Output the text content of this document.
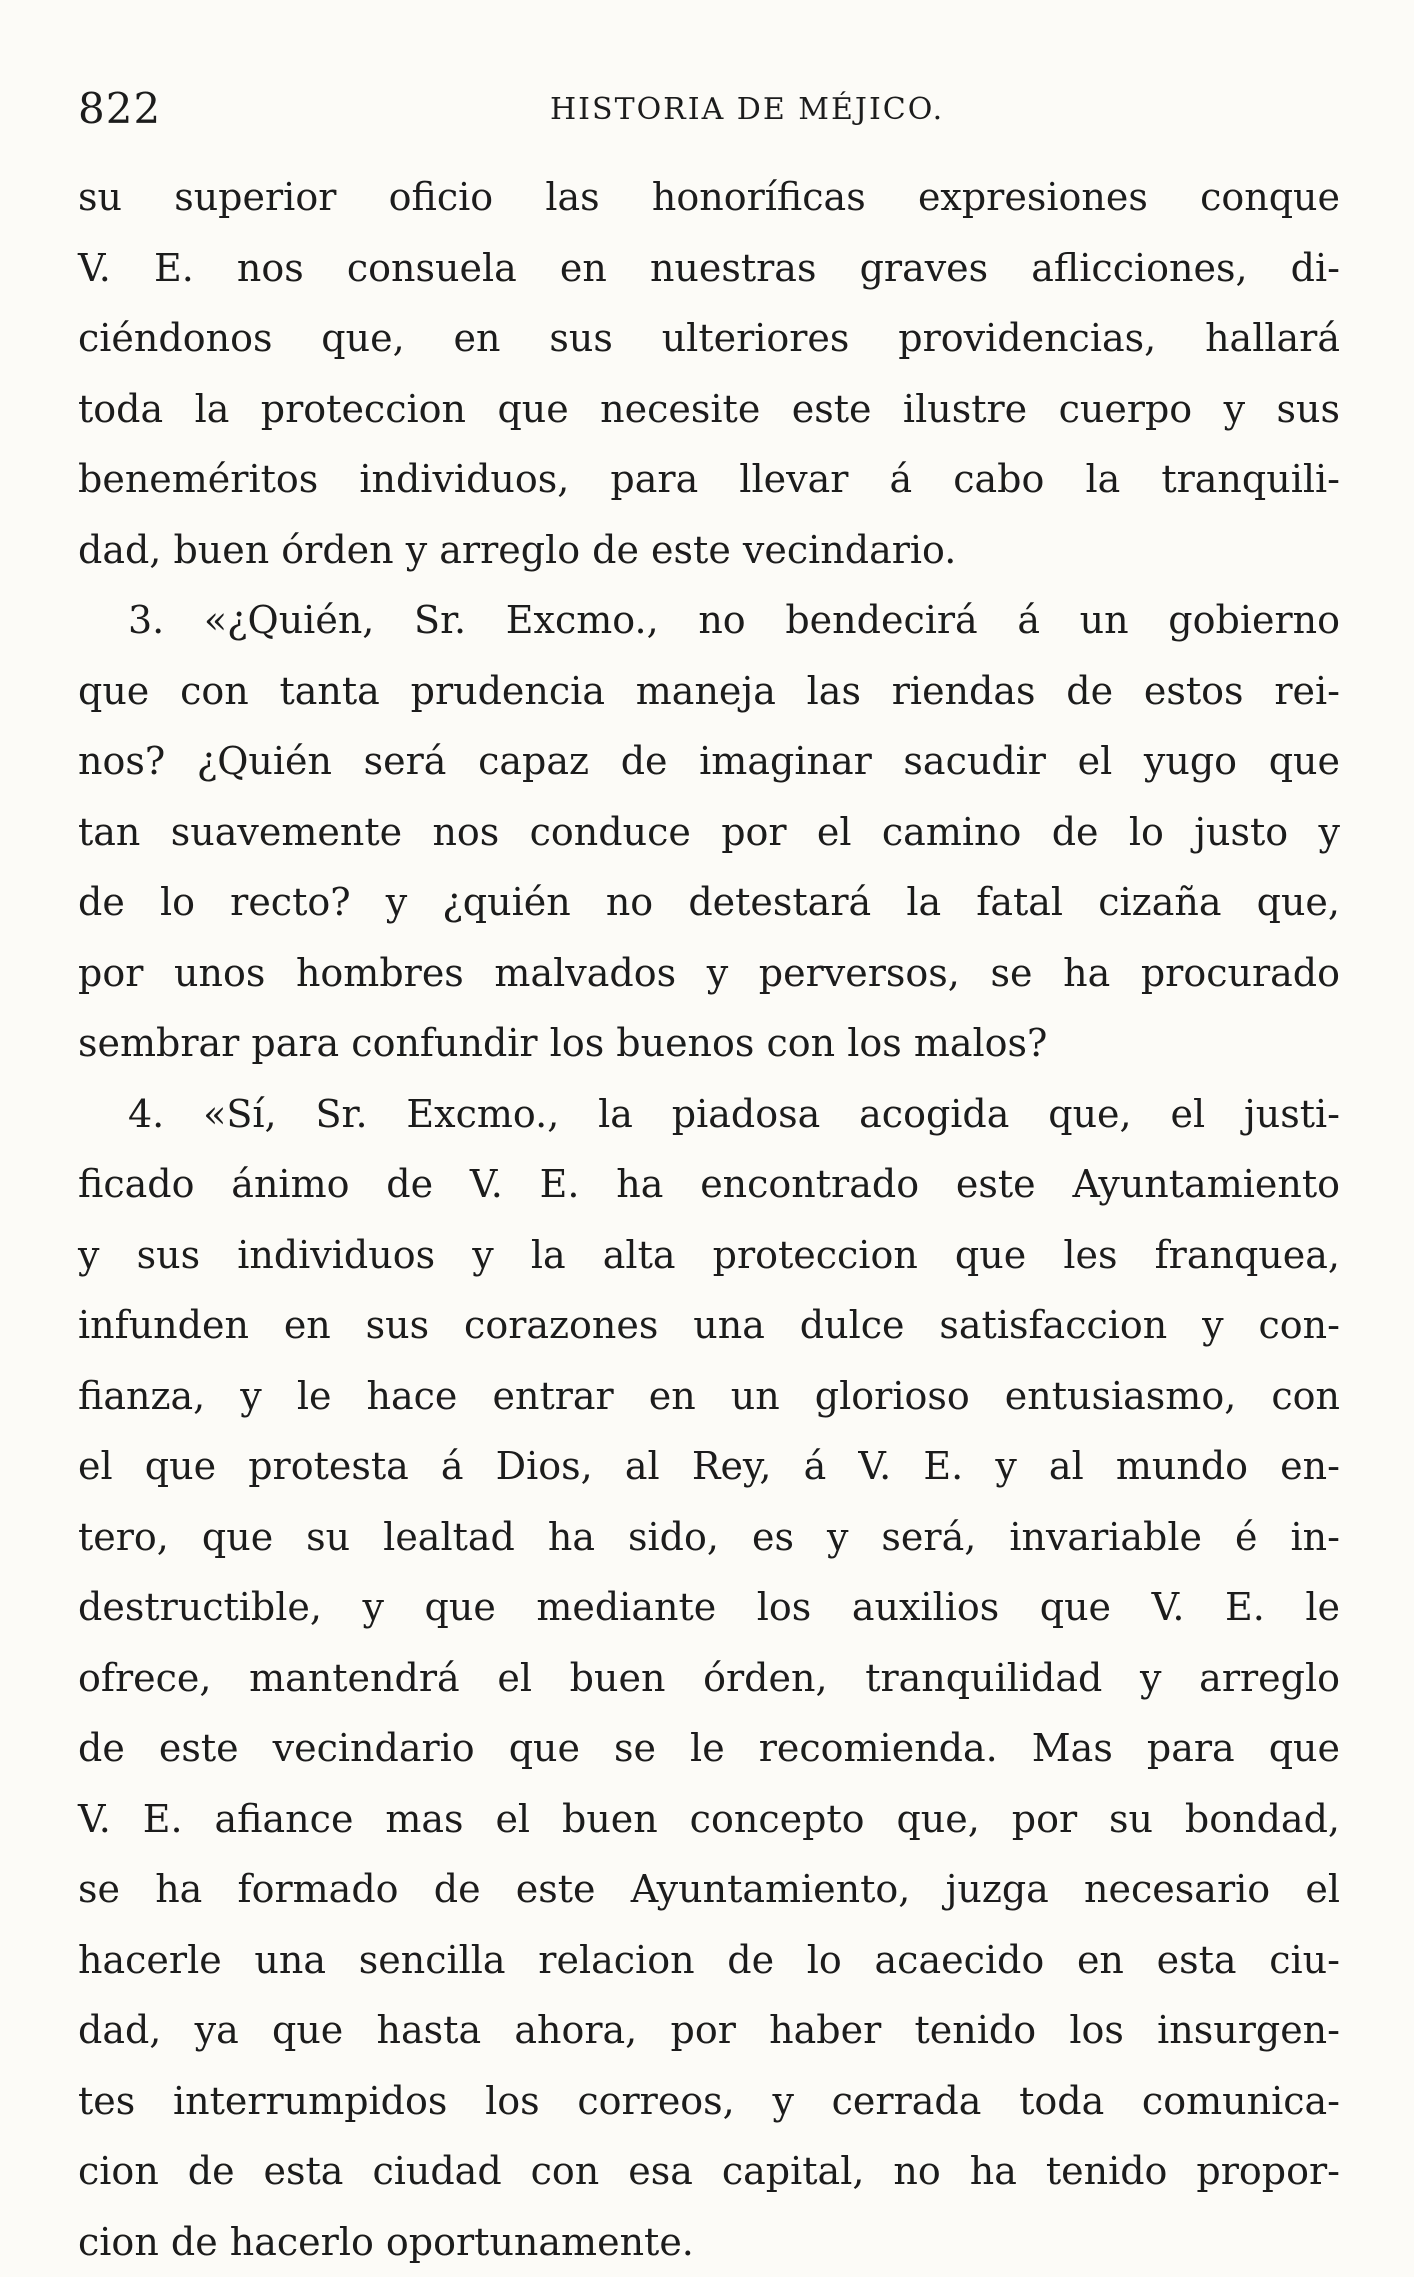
822	HISTORIA DE MÉJICO.
su superior oficio las honoríficas expresiones conque
V. E. nos consuela en nuestras graves aflicciones, di-
ciéndonos que, en sus ulteriores providencias, hallará
toda la proteccion que necesite este ilustre cuerpo y sus
beneméritos individuos, para llevar á cabo la tranquili-
dad, buen órden y arreglo de este vecindario.
3. «¿Quién, Sr. Excmo., no bendecirá á un gobierno
que con tanta prudencia maneja las riendas de estos rei-
nos? ¿Quién será capaz de imaginar sacudir el yugo que
tan suavemente nos conduce por el camino de lo justo y
de lo recto? y ¿quién no detestará la fatal cizaña que,
por unos hombres malvados y perversos, se ha procurado
sembrar para confundir los buenos con los malos?
4. «Sí, Sr. Excmo., la piadosa acogida que, el justi-
ficado ánimo de V. E. ha encontrado este Ayuntamiento
y sus individuos y la alta proteccion que les franquea,
infunden en sus corazones una dulce satisfaccion y con-
fianza, y le hace entrar en un glorioso entusiasmo, con
el que protesta á Dios, al Rey, á V. E. y al mundo en-
tero, que su lealtad ha sido, es y será, invariable é in-
destructible, y que mediante los auxilios que V. E. le
ofrece, mantendrá el buen órden, tranquilidad y arreglo
de este vecindario que se le recomienda. Mas para que
V. E. afiance mas el buen concepto que, por su bondad,
se ha formado de este Ayuntamiento, juzga necesario el
hacerle una sencilla relacion de lo acaecido en esta ciu-
dad, ya que hasta ahora, por haber tenido los insurgen-
tes interrumpidos los correos, y cerrada toda comunica-
cion de esta ciudad con esa capital, no ha tenido propor-
cion de hacerlo oportunamente.
